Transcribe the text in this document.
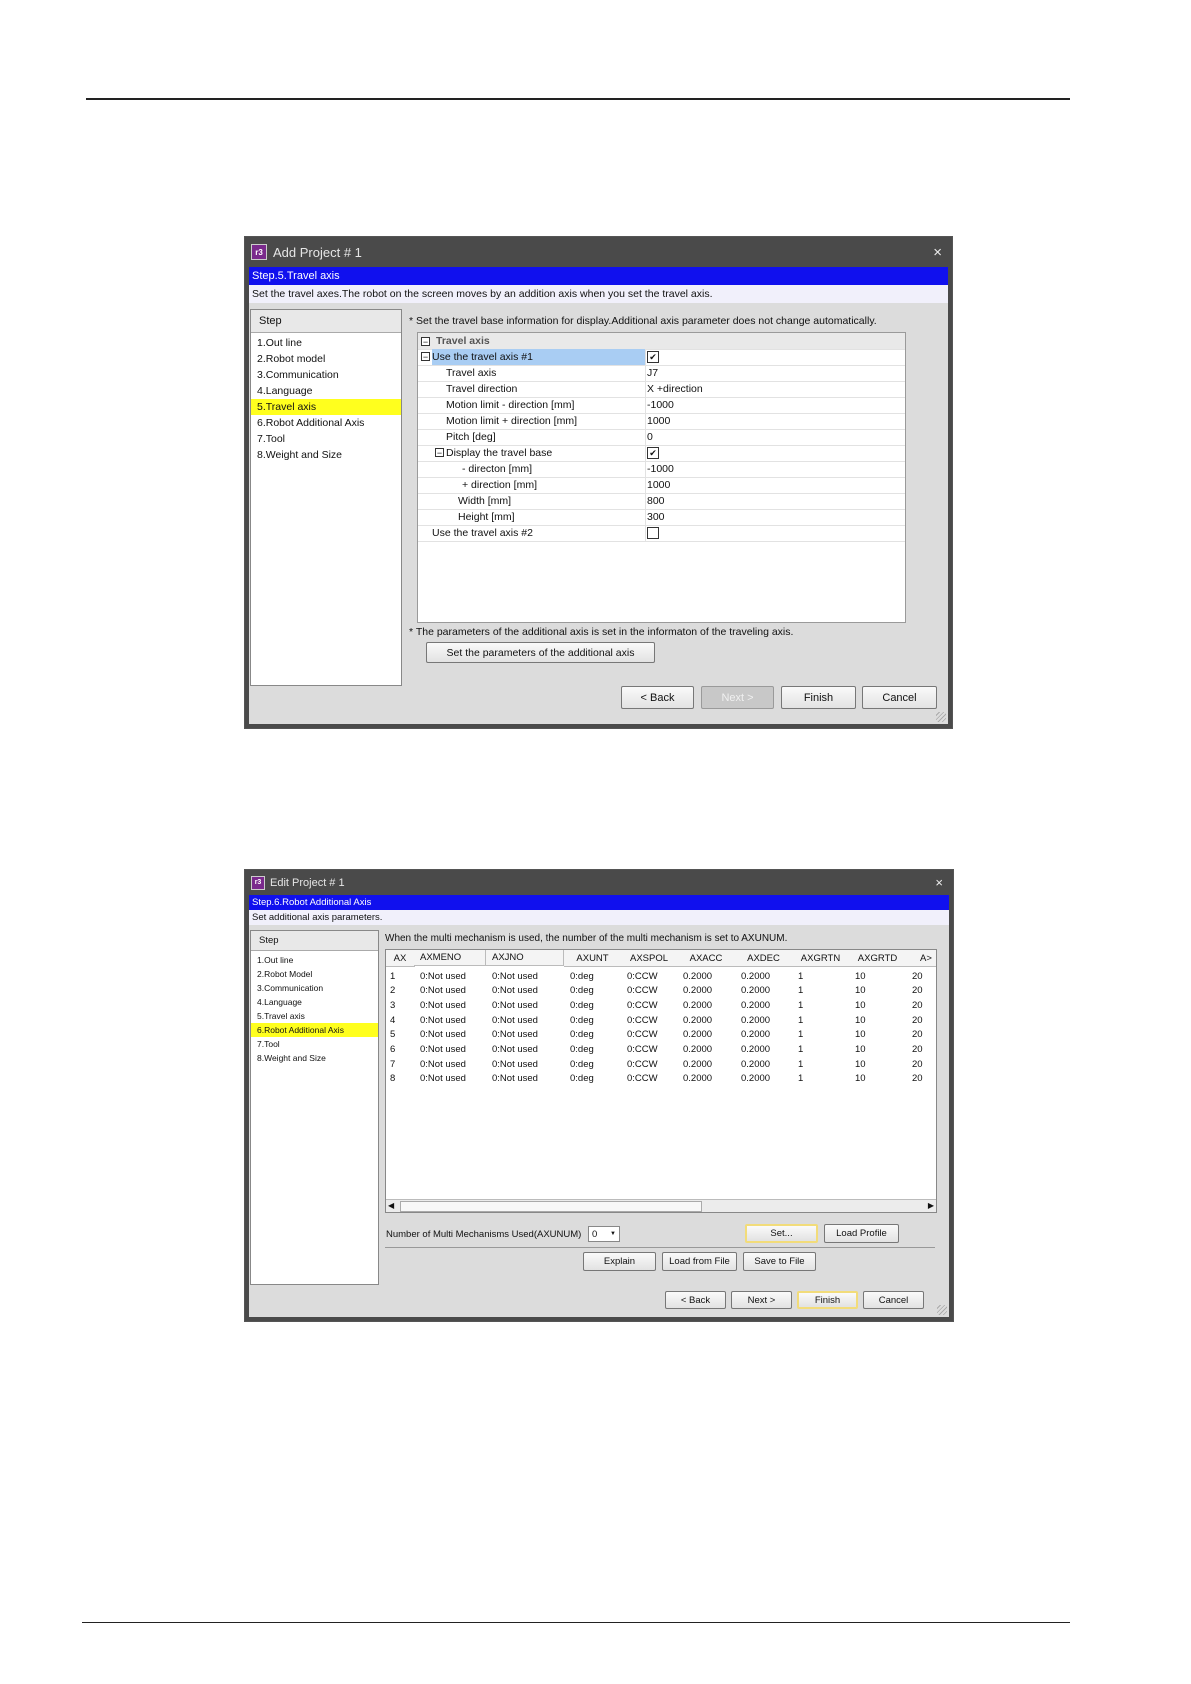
r3 Add Project # 1	×
Step.5.Travel axis
Set the travel axes.The robot on the screen moves by an addition axis when you set the travel axis.
Step
1.Out line
2.Robot model
3.Communication
4.Language
5.Travel axis
6.Robot Additional Axis
7.Tool
8.Weight and Size
* Set the travel base information for display.Additional axis parameter does not change automatically.
− Travel axis
− Use the travel axis #1	✔
Travel axis	J7
Travel direction	X +direction
Motion limit - direction [mm]	-1000
Motion limit + direction [mm]	1000
Pitch [deg]	0
− Display the travel base	✔
- directon [mm]	-1000
+ direction [mm]	1000
Width [mm]	800
Height [mm]	300
Use the travel axis #2
* The parameters of the additional axis is set in the informaton of the traveling axis.
Set the parameters of the additional axis
< Back	Next >	Finish	Cancel
r3 Edit Project # 1	×
Step.6.Robot Additional Axis
Set additional axis parameters.
Step
1.Out line
2.Robot Model
3.Communication
4.Language
5.Travel axis
6.Robot Additional Axis
7.Tool
8.Weight and Size
When the multi mechanism is used, the number of the multi mechanism is set to AXUNUM.
AX	AXMENO	AXJNO	AXUNT	AXSPOL	AXACC	AXDEC	AXGRTN	AXGRTD	A>
1	0:Not used	0:Not used	0:deg	0:CCW	0.2000	0.2000	1	10	20
2	0:Not used	0:Not used	0:deg	0:CCW	0.2000	0.2000	1	10	20
3	0:Not used	0:Not used	0:deg	0:CCW	0.2000	0.2000	1	10	20
4	0:Not used	0:Not used	0:deg	0:CCW	0.2000	0.2000	1	10	20
5	0:Not used	0:Not used	0:deg	0:CCW	0.2000	0.2000	1	10	20
6	0:Not used	0:Not used	0:deg	0:CCW	0.2000	0.2000	1	10	20
7	0:Not used	0:Not used	0:deg	0:CCW	0.2000	0.2000	1	10	20
8	0:Not used	0:Not used	0:deg	0:CCW	0.2000	0.2000	1	10	20
◀	▶
Number of Multi Mechanisms Used(AXUNUM) 0 ▼	Set...	Load Profile
Explain	Load from File	Save to File
< Back	Next >	Finish	Cancel
